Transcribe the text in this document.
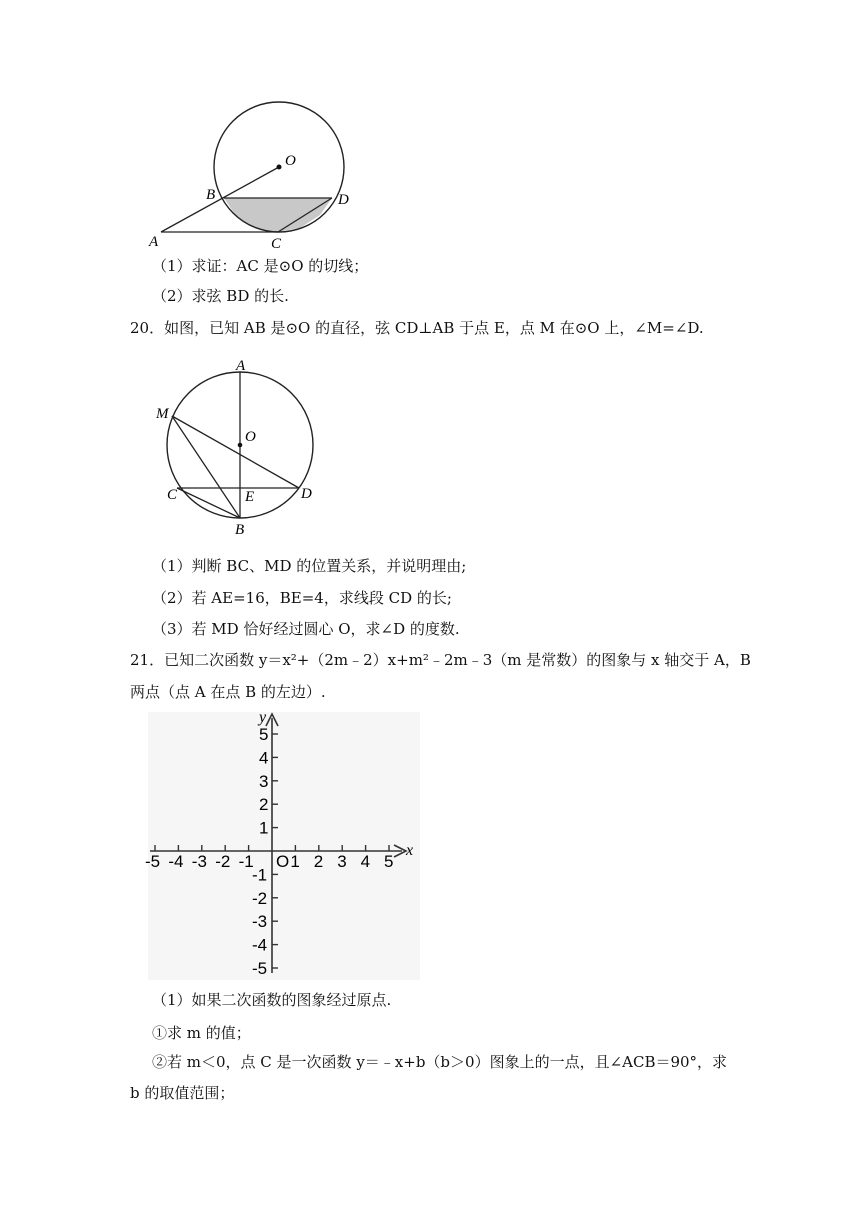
O
B	D
A	C
（1）求证：AC 是⊙O 的切线；
（2）求弦 BD 的长.
20．如图，已知 AB 是⊙O 的直径，弦 CD⊥AB 于点 E，点 M 在⊙O 上，∠M=∠D.
A
M
O
C	E	D
B
（1）判断 BC、MD 的位置关系，并说明理由;
（2）若 AE=16，BE=4，求线段 CD 的长;
（3）若 MD 恰好经过圆心 O，求∠D 的度数.
21．已知二次函数 y＝x²+（2m﹣2）x+m²﹣2m﹣3（m 是常数）的图象与 x 轴交于 A，B
两点（点 A 在点 B 的左边）.
x
y
O
-5 -4 -3 -2 -1 1 2 3 4 5
5
4
3
2
1
-1
-2
-3
-4
-5
（1）如果二次函数的图象经过原点.
①求 m 的值；
②若 m＜0，点 C 是一次函数 y＝﹣x+b（b＞0）图象上的一点，且∠ACB＝90°，求
b 的取值范围；
